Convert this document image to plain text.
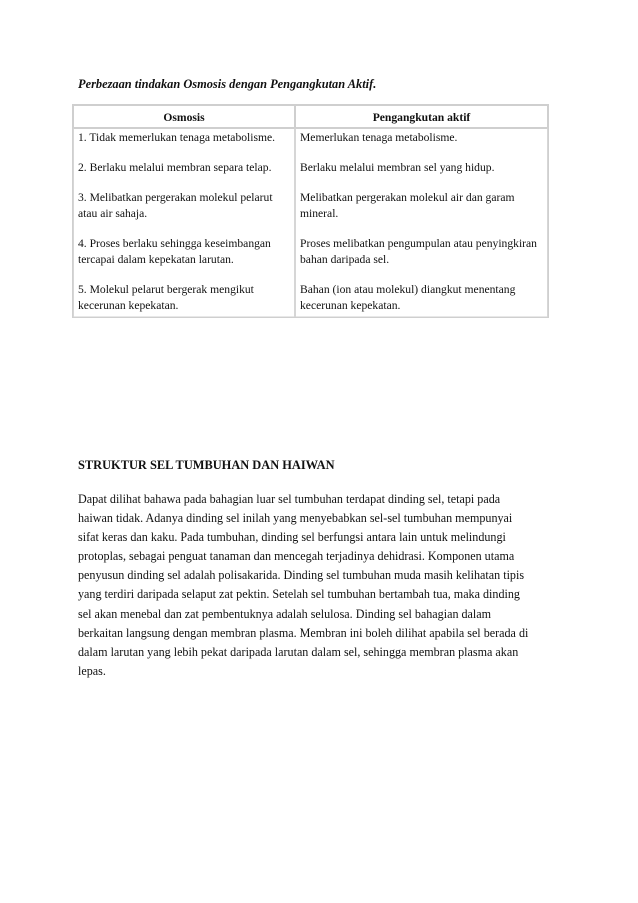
Perbezaan tindakan Osmosis dengan Pengangkutan Aktif.
Osmosis	Pengangkutan aktif

1. Tidak memerlukan tenaga metabolisme.	Memerlukan tenaga metabolisme.

2. Berlaku melalui membran separa telap.	Berlaku melalui membran sel yang hidup.

3. Melibatkan pergerakan molekul pelarut atau air sahaja.	Melibatkan pergerakan molekul air dan garam mineral.

4. Proses berlaku sehingga keseimbangan tercapai dalam kepekatan larutan.	Proses melibatkan pengumpulan atau penyingkiran bahan daripada sel.

5. Molekul pelarut bergerak mengikut kecerunan kepekatan.	Bahan (ion atau molekul) diangkut menentang kecerunan kepekatan.
STRUKTUR SEL TUMBUHAN DAN HAIWAN
Dapat dilihat bahawa pada bahagian luar sel tumbuhan terdapat dinding sel, tetapi pada
haiwan tidak. Adanya dinding sel inilah yang menyebabkan sel-sel tumbuhan mempunyai
sifat keras dan kaku. Pada tumbuhan, dinding sel berfungsi antara lain untuk melindungi
protoplas, sebagai penguat tanaman dan mencegah terjadinya dehidrasi. Komponen utama
penyusun dinding sel adalah polisakarida. Dinding sel tumbuhan muda masih kelihatan tipis
yang terdiri daripada selaput zat pektin. Setelah sel tumbuhan bertambah tua, maka dinding
sel akan menebal dan zat pembentuknya adalah selulosa. Dinding sel bahagian dalam
berkaitan langsung dengan membran plasma. Membran ini boleh dilihat apabila sel berada di
dalam larutan yang lebih pekat daripada larutan dalam sel, sehingga membran plasma akan
lepas.
